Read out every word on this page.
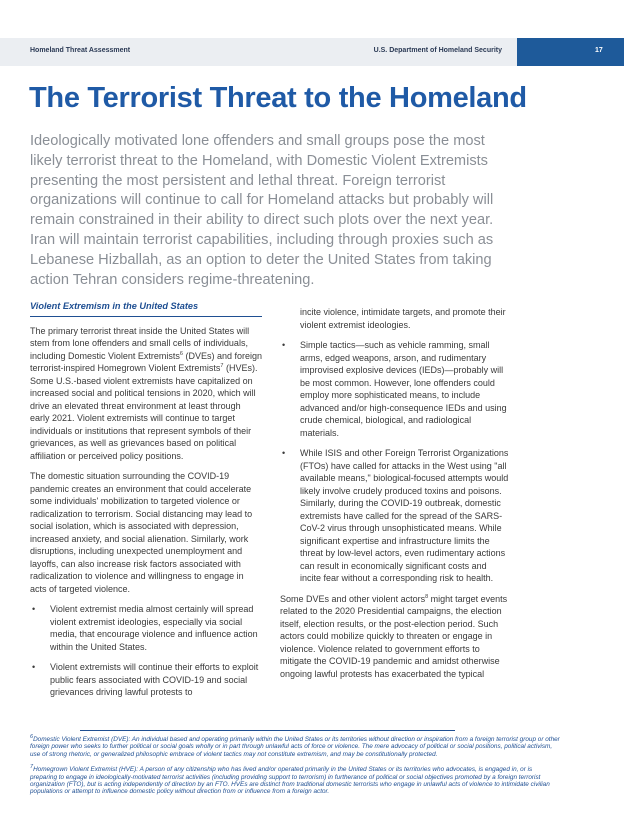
Homeland Threat Assessment	U.S. Department of Homeland Security	17
The Terrorist Threat to the Homeland

Ideologically motivated lone offenders and small groups pose the most likely terrorist threat to the Homeland, with Domestic Violent Extremists presenting the most persistent and lethal threat. Foreign terrorist organizations will continue to call for Homeland attacks but probably will remain constrained in their ability to direct such plots over the next year. Iran will maintain terrorist capabilities, including through proxies such as Lebanese Hizballah, as an option to deter the United States from taking action Tehran considers regime-threatening.

Violent Extremism in the United States

The primary terrorist threat inside the United States will stem from lone offenders and small cells of individuals, including Domestic Violent Extremists$^6$ (DVEs) and foreign terrorist-inspired Homegrown Violent Extremists$^7$ (HVEs). Some U.S.-based violent extremists have capitalized on increased social and political tensions in 2020, which will drive an elevated threat environment at least through early 2021. Violent extremists will continue to target individuals or institutions that represent symbols of their grievances, as well as grievances based on political affiliation or perceived policy positions.

The domestic situation surrounding the COVID-19 pandemic creates an environment that could accelerate some individuals' mobilization to targeted violence or radicalization to terrorism. Social distancing may lead to social isolation, which is associated with depression, increased anxiety, and social alienation. Similarly, work disruptions, including unexpected unemployment and layoffs, can also increase risk factors associated with radicalization to violence and willingness to engage in acts of targeted violence.

• Violent extremist media almost certainly will spread violent extremist ideologies, especially via social media, that encourage violence and influence action within the United States.
• Violent extremists will continue their efforts to exploit public fears associated with COVID-19 and social grievances driving lawful protests to

incite violence, intimidate targets, and promote their violent extremist ideologies.

• Simple tactics—such as vehicle ramming, small arms, edged weapons, arson, and rudimentary improvised explosive devices (IEDs)—probably will be most common. However, lone offenders could employ more sophisticated means, to include advanced and/or high-consequence IEDs and using crude chemical, biological, and radiological materials.
• While ISIS and other Foreign Terrorist Organizations (FTOs) have called for attacks in the West using "all available means," biological-focused attempts would likely involve crudely produced toxins and poisons. Similarly, during the COVID-19 outbreak, domestic extremists have called for the spread of the SARS-CoV-2 virus through unsophisticated means. While significant expertise and infrastructure limits the threat by low-level actors, even rudimentary actions can result in economically significant costs and incite fear without a corresponding risk to health.

Some DVEs and other violent actors$^8$ might target events related to the 2020 Presidential campaigns, the election itself, election results, or the post-election period. Such actors could mobilize quickly to threaten or engage in violence. Violence related to government efforts to mitigate the COVID-19 pandemic and amidst otherwise ongoing lawful protests has exacerbated the typical

$^6$Domestic Violent Extremist (DVE): An individual based and operating primarily within the United States or its territories without direction or inspiration from a foreign terrorist group or other foreign power who seeks to further political or social goals wholly or in part through unlawful acts of force or violence. The mere advocacy of political or social positions, political activism, use of strong rhetoric, or generalized philosophic embrace of violent tactics may not constitute extremism, and may be constitutionally protected.

$^7$Homegrown Violent Extremist (HVE): A person of any citizenship who has lived and/or operated primarily in the United States or its territories who advocates, is engaged in, or is preparing to engage in ideologically-motivated terrorist activities (including providing support to terrorism) in furtherance of political or social objectives promoted by a foreign terrorist organization (FTO), but is acting independently of direction by an FTO. HVEs are distinct from traditional domestic terrorists who engage in unlawful acts of violence to intimidate civilian populations or attempt to influence domestic policy without direction from or influence from a foreign actor.
